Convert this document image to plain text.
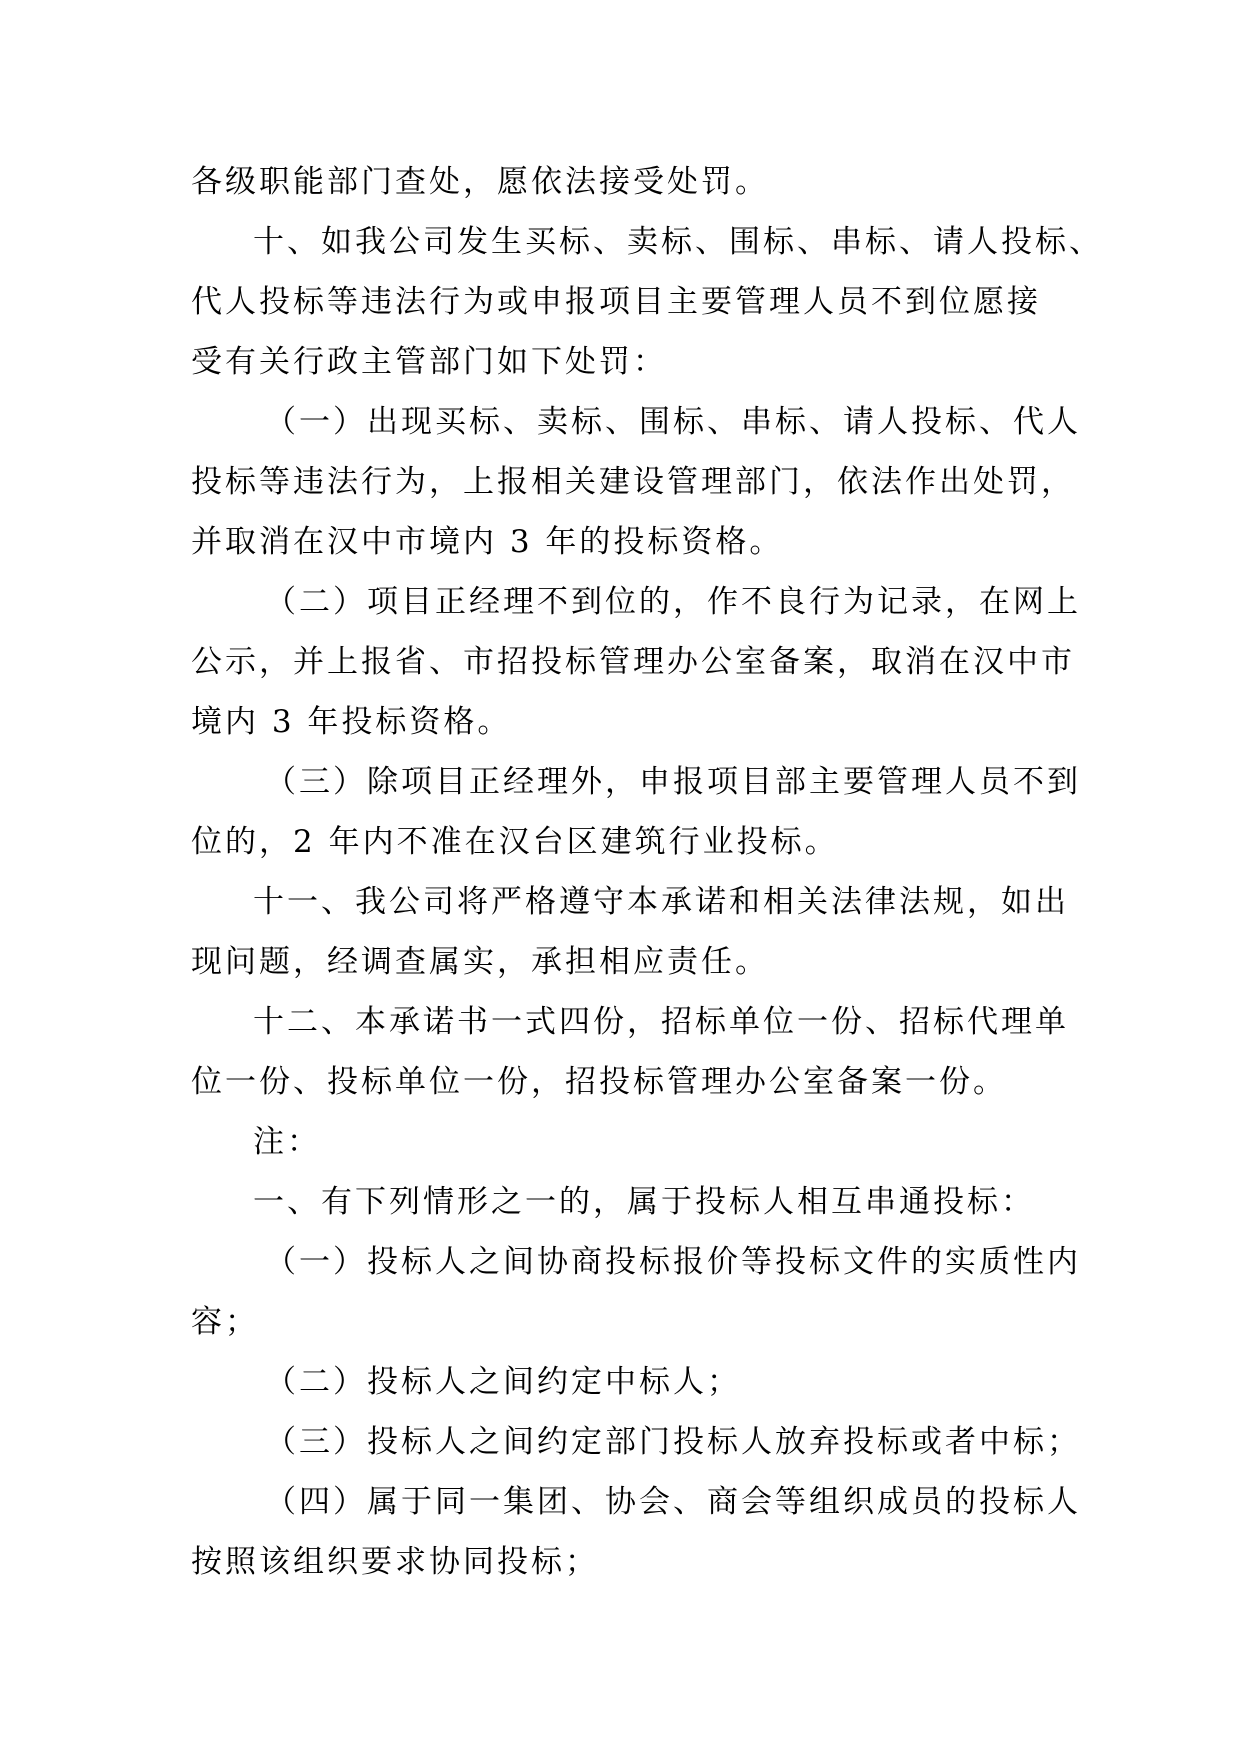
各级职能部门查处，愿依法接受处罚。
十、如我公司发生买标、卖标、围标、串标、请人投标、
代人投标等违法行为或申报项目主要管理人员不到位愿接
受有关行政主管部门如下处罚：
（一）出现买标、卖标、围标、串标、请人投标、代人
投标等违法行为，上报相关建设管理部门，依法作出处罚，
并取消在汉中市境内 3 年的投标资格。
（二）项目正经理不到位的，作不良行为记录，在网上
公示，并上报省、市招投标管理办公室备案，取消在汉中市
境内 3 年投标资格。
（三）除项目正经理外，申报项目部主要管理人员不到
位的，2 年内不准在汉台区建筑行业投标。
十一、我公司将严格遵守本承诺和相关法律法规，如出
现问题，经调查属实，承担相应责任。
十二、本承诺书一式四份，招标单位一份、招标代理单
位一份、投标单位一份，招投标管理办公室备案一份。
注：
一、有下列情形之一的，属于投标人相互串通投标：
（一）投标人之间协商投标报价等投标文件的实质性内
容；
（二）投标人之间约定中标人；
（三）投标人之间约定部门投标人放弃投标或者中标；
（四）属于同一集团、协会、商会等组织成员的投标人
按照该组织要求协同投标；
